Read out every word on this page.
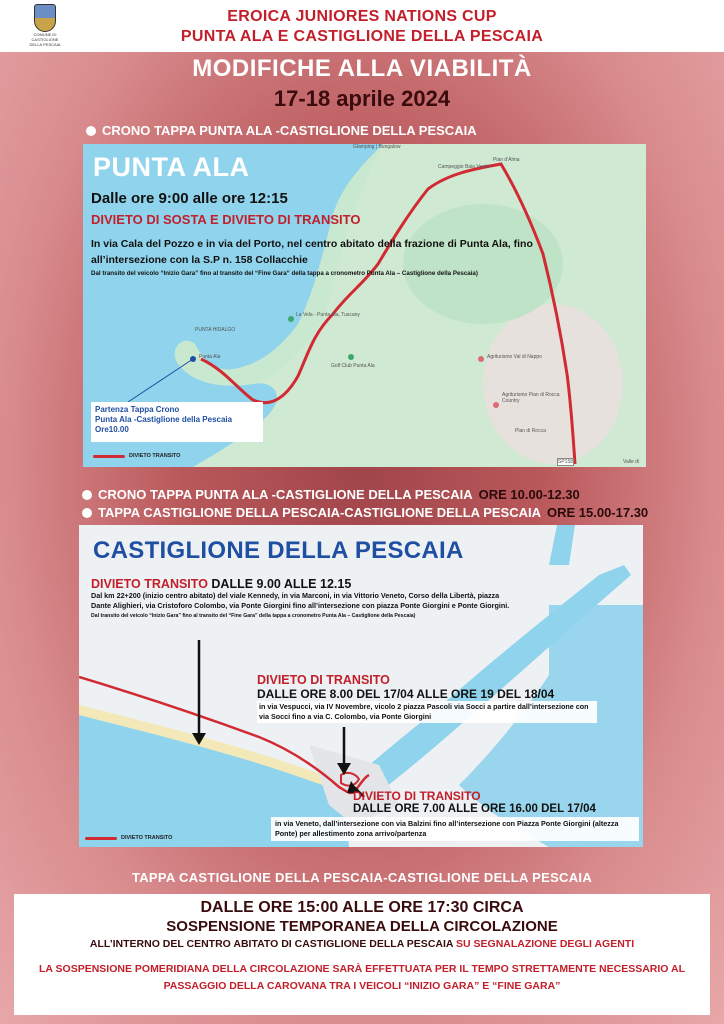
COMUNE DI CASTIGLIONE DELLA PESCAIA
EROICA JUNIORES NATIONS CUP
PUNTA ALA E CASTIGLIONE DELLA PESCAIA
MODIFICHE ALLA VIABILITÀ
17-18 aprile 2024
CRONO TAPPA PUNTA ALA -CASTIGLIONE DELLA PESCAIA
Glamping | Bungalow
Pian d'Alma
Campeggio Baia Verde
PUNTA HIDALGO
Punta Ala
La Vela - Punta Ala, Tuscany
Golf Club Punta Ala
Agriturismo Val di Nappo
Agriturismo Pian di Rocca Country
Plan di Rocca
Valle di
SP158
PUNTA ALA
Dalle ore 9:00 alle ore 12:15
DIVIETO DI SOSTA E DIVIETO DI TRANSITO
In via Cala del Pozzo e in via del Porto, nel centro abitato della frazione di Punta Ala, fino all’intersezione con la S.P n. 158 Collacchie
Dal transito del veicolo “Inizio Gara” fino al transito del “Fine Gara” della tappa a cronometro Punta Ala – Castiglione della Pescaia)
Partenza Tappa Crono
Punta Ala -Castiglione della Pescaia
Ore10.00
DIVIETO TRANSITO
CRONO TAPPA PUNTA ALA -CASTIGLIONE DELLA PESCAIA ORE 10.00-12.30
TAPPA CASTIGLIONE DELLA PESCAIA-CASTIGLIONE DELLA PESCAIA ORE 15.00-17.30
CASTIGLIONE DELLA PESCAIA
DIVIETO TRANSITO DALLE 9.00 ALLE 12.15
Dal km 22+200 (inizio centro abitato) del viale Kennedy, in via Marconi, in via Vittorio Veneto, Corso della Libertà, piazza Dante Alighieri, via Cristoforo Colombo, via Ponte Giorgini fino all’intersezione con piazza Ponte Giorgini e Ponte Giorgini.
Dal transito del veicolo “Inizio Gara” fino al transito del “Fine Gara” della tappa a cronometro Punta Ala – Castiglione della Pescaia)
DIVIETO DI TRANSITO
DALLE ORE 8.00 DEL 17/04 ALLE ORE 19 DEL 18/04
in via Vespucci, via IV Novembre, vicolo 2 piazza Pascoli via Socci a partire dall’intersezione con via Socci fino a via C. Colombo, via Ponte Giorgini
DIVIETO DI TRANSITO
DALLE ORE 7.00 ALLE ORE 16.00 DEL 17/04
in via Veneto, dall’intersezione con via Balzini fino all’intersezione con Piazza Ponte Giorgini (altezza Ponte) per allestimento zona arrivo/partenza
DIVIETO TRANSITO
TAPPA CASTIGLIONE DELLA PESCAIA-CASTIGLIONE DELLA PESCAIA
DALLE ORE 15:00 ALLE ORE 17:30 CIRCA
SOSPENSIONE TEMPORANEA DELLA CIRCOLAZIONE
ALL’INTERNO DEL CENTRO ABITATO DI CASTIGLIONE DELLA PESCAIA SU SEGNALAZIONE DEGLI AGENTI
LA SOSPENSIONE POMERIDIANA DELLA CIRCOLAZIONE SARÀ EFFETTUATA PER IL TEMPO STRETTAMENTE NECESSARIO AL PASSAGGIO DELLA CAROVANA TRA I VEICOLI “INIZIO GARA” E “FINE GARA”
